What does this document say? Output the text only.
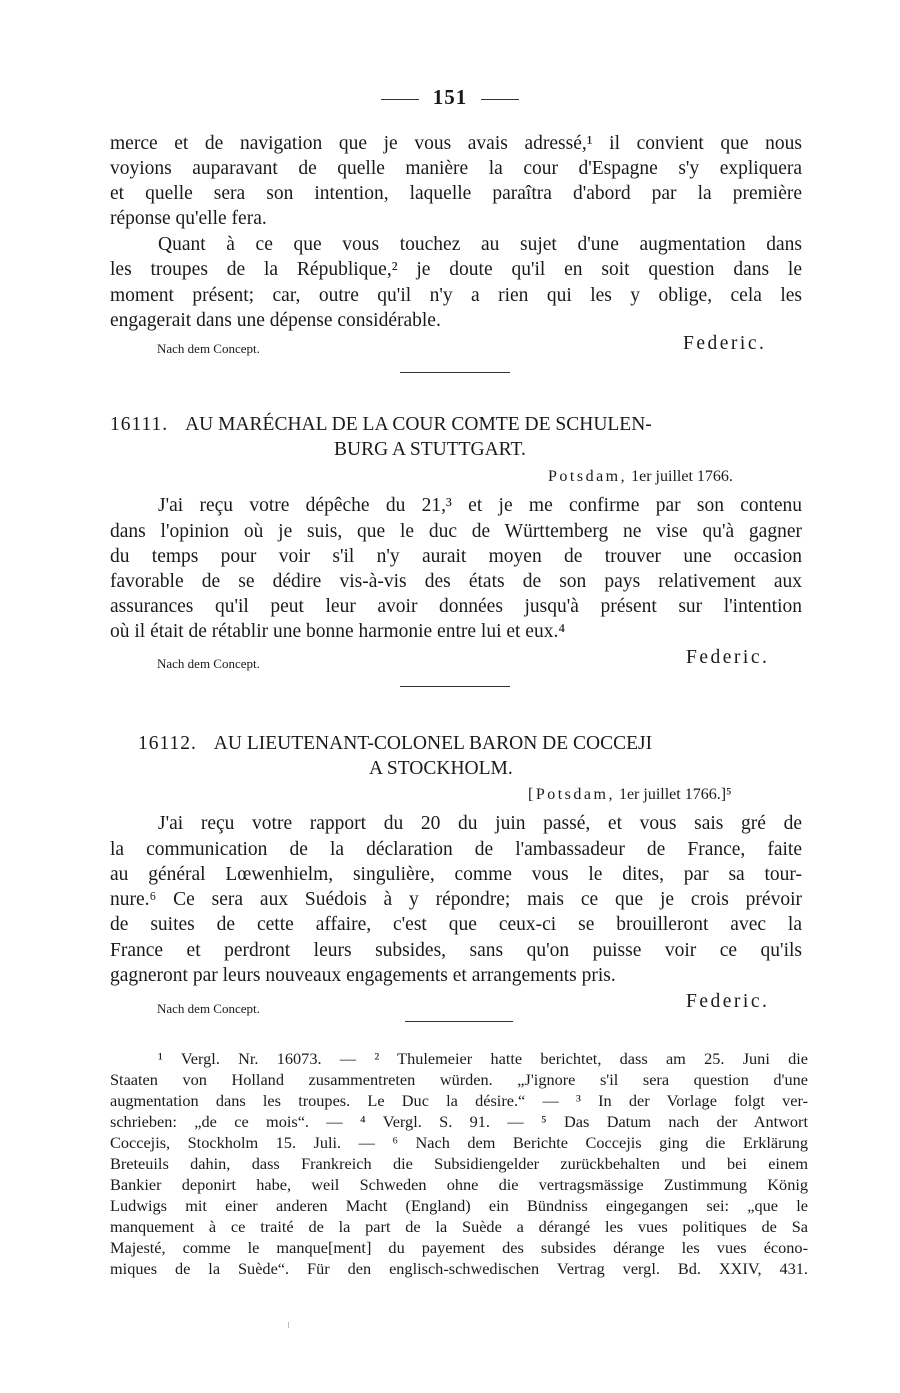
151
merce et de navigation que je vous avais adressé,¹ il convient que nous
voyions auparavant de quelle manière la cour d'Espagne s'y expliquera
et quelle sera son intention, laquelle paraîtra d'abord par la première
réponse qu'elle fera.
Quant à ce que vous touchez au sujet d'une augmentation dans
les troupes de la République,² je doute qu'il en soit question dans le
moment présent; car, outre qu'il n'y a rien qui les y oblige, cela les
engagerait dans une dépense considérable.
Nach dem Concept.	Federic.
16111. AU MARÉCHAL DE LA COUR COMTE DE SCHULEN-
BURG A STUTTGART.
Potsdam, 1er juillet 1766.
J'ai reçu votre dépêche du 21,³ et je me confirme par son contenu
dans l'opinion où je suis, que le duc de Württemberg ne vise qu'à gagner
du temps pour voir s'il n'y aurait moyen de trouver une occasion
favorable de se dédire vis-à-vis des états de son pays relativement aux
assurances qu'il peut leur avoir données jusqu'à présent sur l'intention
où il était de rétablir une bonne harmonie entre lui et eux.⁴
Nach dem Concept.	Federic.
16112. AU LIEUTENANT-COLONEL BARON DE COCCEJI
A STOCKHOLM.
[Potsdam, 1er juillet 1766.]⁵
J'ai reçu votre rapport du 20 du juin passé, et vous sais gré de
la communication de la déclaration de l'ambassadeur de France, faite
au général Lœwenhielm, singulière, comme vous le dites, par sa tour-
nure.⁶ Ce sera aux Suédois à y répondre; mais ce que je crois prévoir
de suites de cette affaire, c'est que ceux-ci se brouilleront avec la
France et perdront leurs subsides, sans qu'on puisse voir ce qu'ils
gagneront par leurs nouveaux engagements et arrangements pris.
Nach dem Concept.	Federic.
¹ Vergl. Nr. 16073. — ² Thulemeier hatte berichtet, dass am 25. Juni die
Staaten von Holland zusammentreten würden. „J'ignore s'il sera question d'une
augmentation dans les troupes. Le Duc la désire.“ — ³ In der Vorlage folgt ver-
schrieben: „de ce mois“. — ⁴ Vergl. S. 91. — ⁵ Das Datum nach der Antwort
Coccejis, Stockholm 15. Juli. — ⁶ Nach dem Berichte Coccejis ging die Erklärung
Breteuils dahin, dass Frankreich die Subsidiengelder zurückbehalten und bei einem
Bankier deponirt habe, weil Schweden ohne die vertragsmässige Zustimmung König
Ludwigs mit einer anderen Macht (England) ein Bündniss eingegangen sei: „que le
manquement à ce traité de la part de la Suède a dérangé les vues politiques de Sa
Majesté, comme le manque[ment] du payement des subsides dérange les vues écono-
miques de la Suède“. Für den englisch-schwedischen Vertrag vergl. Bd. XXIV, 431.
